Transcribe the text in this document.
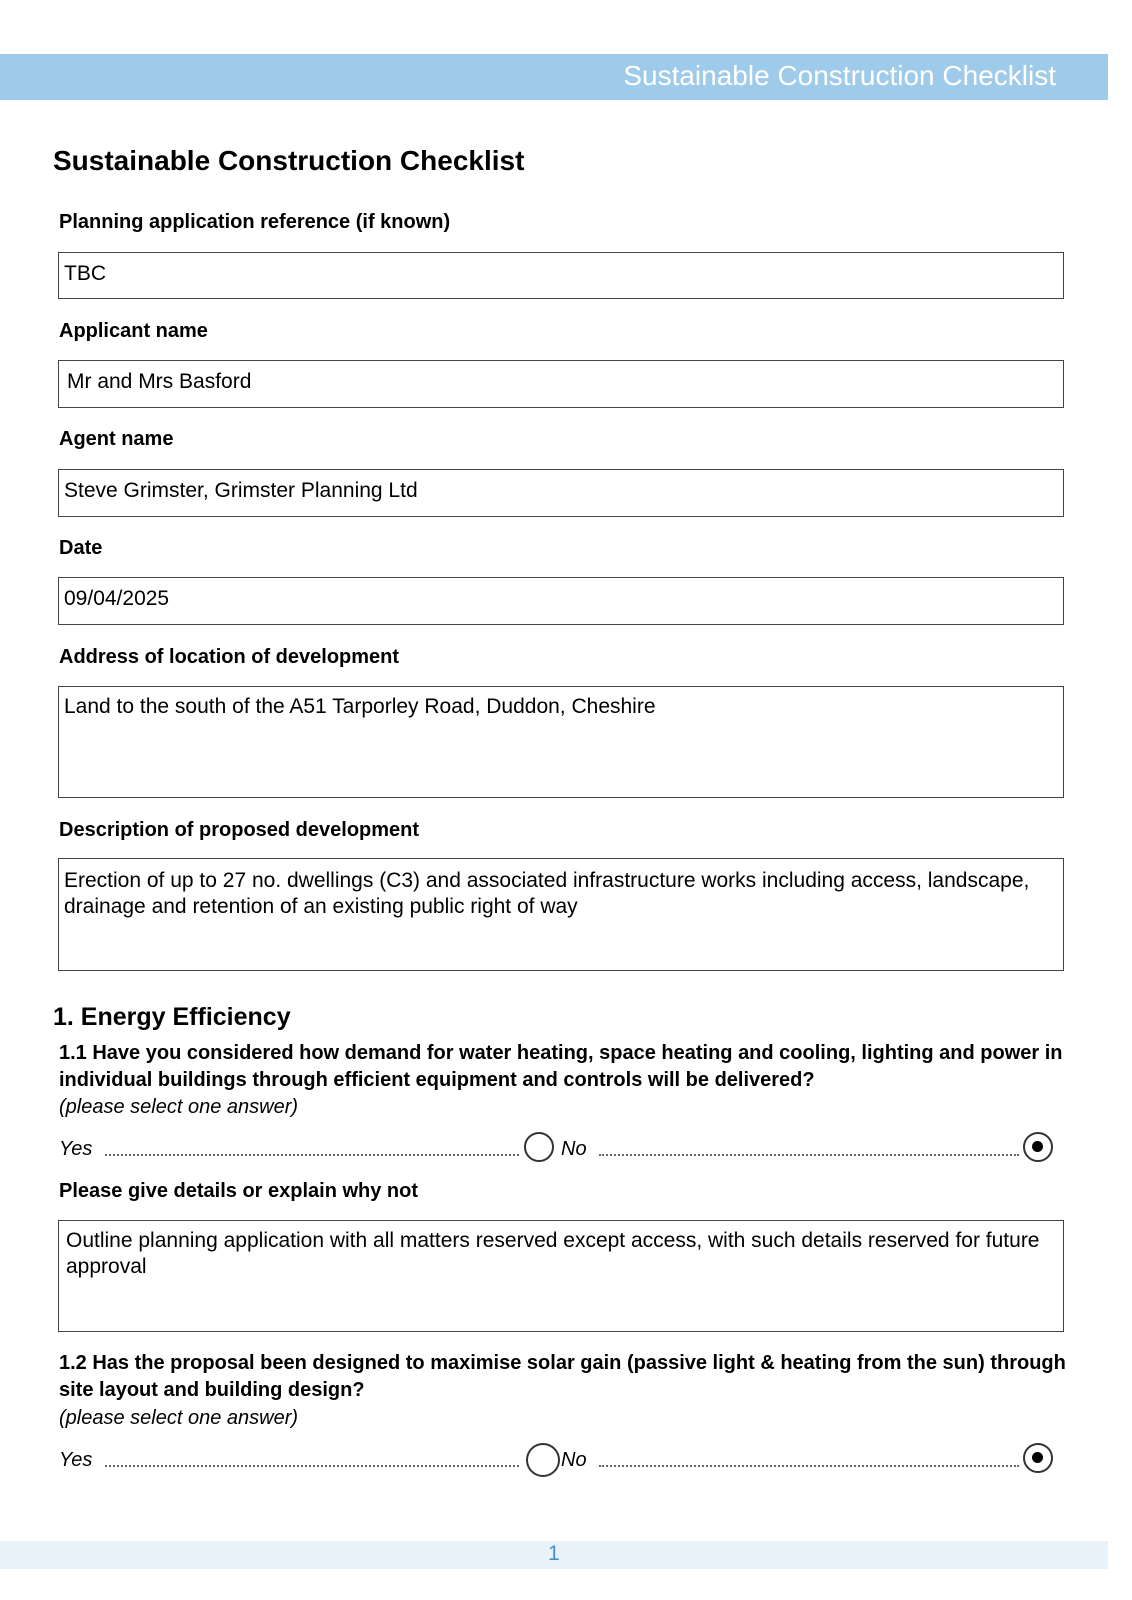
Sustainable Construction Checklist
Sustainable Construction Checklist
Planning application reference (if known)
TBC
Applicant name
Mr and Mrs Basford
Agent name
Steve Grimster, Grimster Planning Ltd
Date
09/04/2025
Address of location of development
Land to the south of the A51 Tarporley Road, Duddon, Cheshire
Description of proposed development
Erection of up to 27 no. dwellings (C3) and associated infrastructure works including access, landscape, drainage and retention of an existing public right of way
1. Energy Efficiency
1.1 Have you considered how demand for water heating, space heating and cooling, lighting and power in individual buildings through efficient equipment and controls will be delivered?
(please select one answer)
Yes	No
Please give details or explain why not
Outline planning application with all matters reserved except access, with such details reserved for future approval
1.2 Has the proposal been designed to maximise solar gain (passive light & heating from the sun) through site layout and building design?
(please select one answer)
Yes	No
1
